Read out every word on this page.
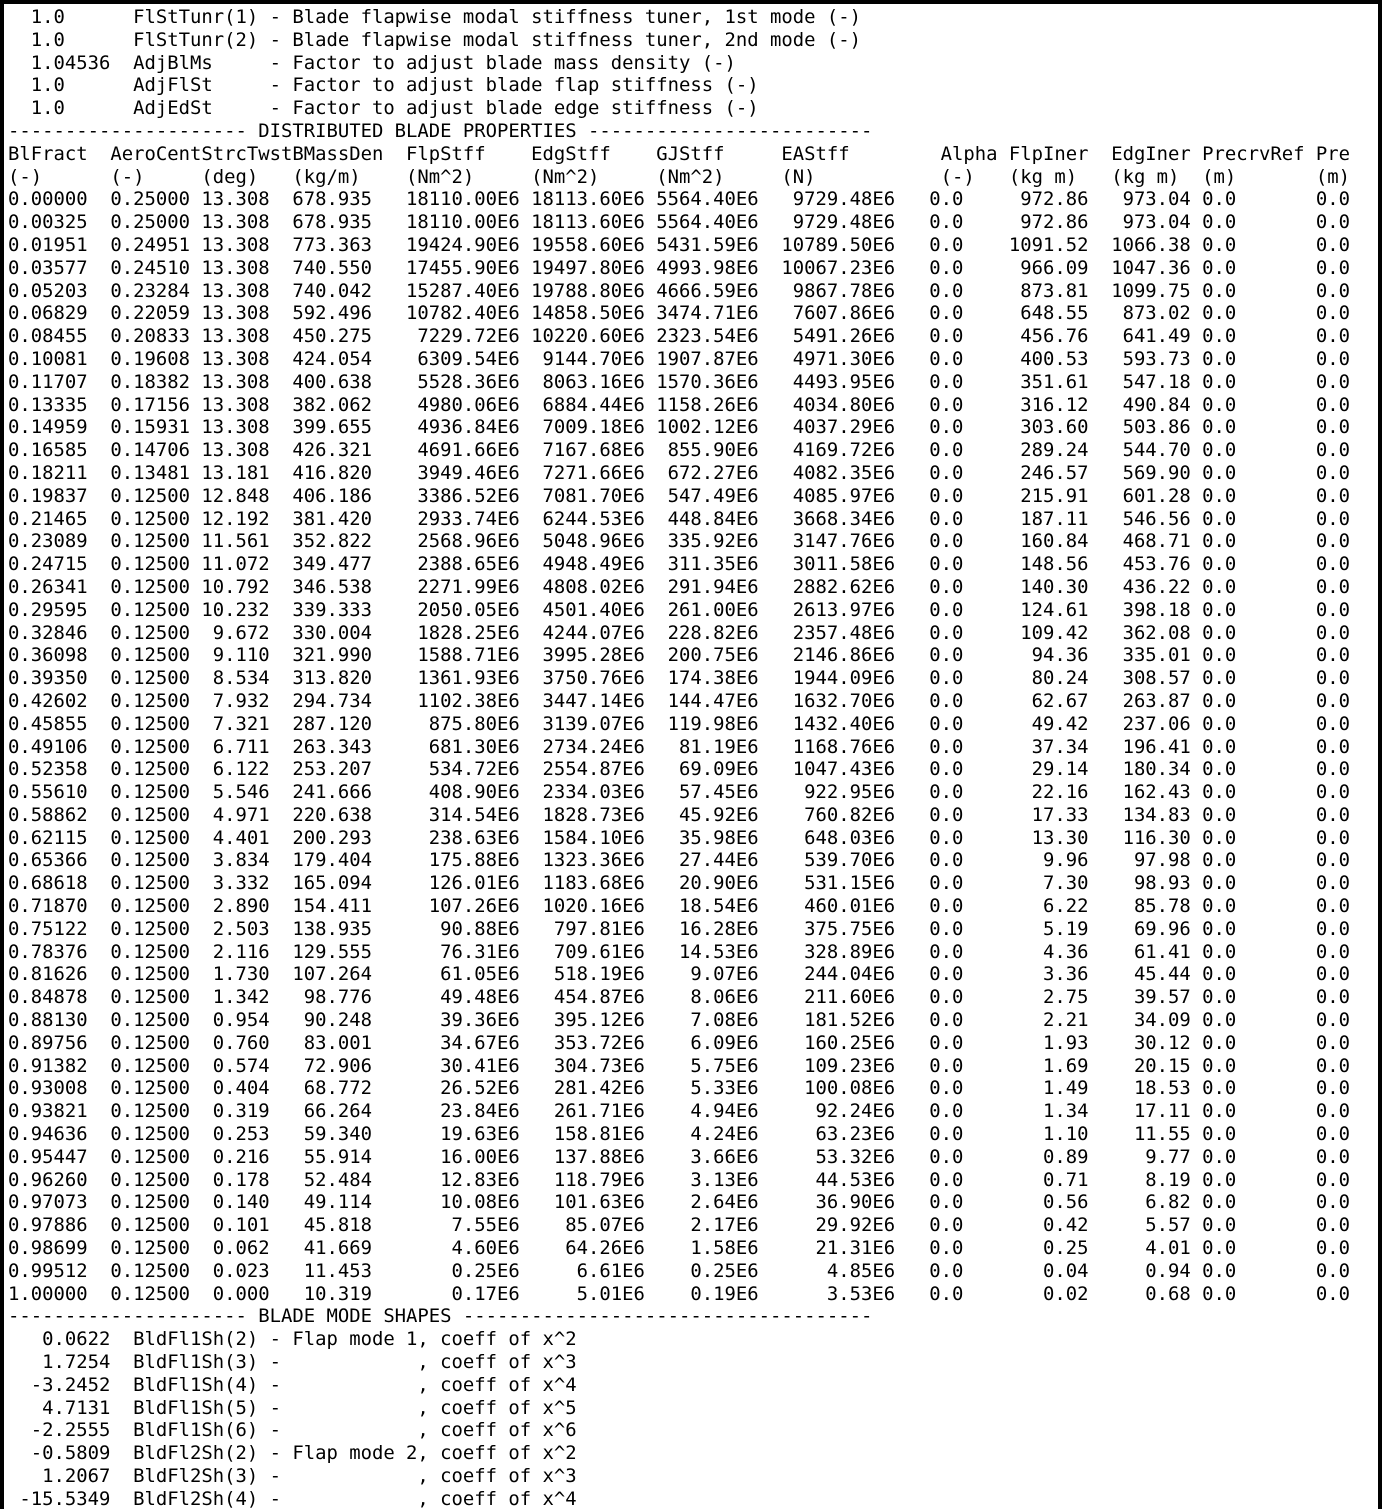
1.0      FlStTunr(1) - Blade flapwise modal stiffness tuner, 1st mode (-)
1.0      FlStTunr(2) - Blade flapwise modal stiffness tuner, 2nd mode (-)
1.04536  AdjBlMs     - Factor to adjust blade mass density (-)
1.0      AdjFlSt     - Factor to adjust blade flap stiffness (-)
1.0      AdjEdSt     - Factor to adjust blade edge stiffness (-)
--------------------- DISTRIBUTED BLADE PROPERTIES -------------------------
BlFract  AeroCentStrcTwstBMassDen  FlpStff    EdgStff    GJStff     EAStff        Alpha FlpIner  EdgIner PrecrvRef Pre
(-)      (-)     (deg)   (kg/m)    (Nm^2)     (Nm^2)     (Nm^2)     (N)           (-)   (kg m)   (kg m)  (m)       (m)
0.00000  0.25000 13.308  678.935   18110.00E6 18113.60E6 5564.40E6   9729.48E6   0.0     972.86   973.04 0.0       0.0
0.00325  0.25000 13.308  678.935   18110.00E6 18113.60E6 5564.40E6   9729.48E6   0.0     972.86   973.04 0.0       0.0
0.01951  0.24951 13.308  773.363   19424.90E6 19558.60E6 5431.59E6  10789.50E6   0.0    1091.52  1066.38 0.0       0.0
0.03577  0.24510 13.308  740.550   17455.90E6 19497.80E6 4993.98E6  10067.23E6   0.0     966.09  1047.36 0.0       0.0
0.05203  0.23284 13.308  740.042   15287.40E6 19788.80E6 4666.59E6   9867.78E6   0.0     873.81  1099.75 0.0       0.0
0.06829  0.22059 13.308  592.496   10782.40E6 14858.50E6 3474.71E6   7607.86E6   0.0     648.55   873.02 0.0       0.0
0.08455  0.20833 13.308  450.275    7229.72E6 10220.60E6 2323.54E6   5491.26E6   0.0     456.76   641.49 0.0       0.0
0.10081  0.19608 13.308  424.054    6309.54E6  9144.70E6 1907.87E6   4971.30E6   0.0     400.53   593.73 0.0       0.0
0.11707  0.18382 13.308  400.638    5528.36E6  8063.16E6 1570.36E6   4493.95E6   0.0     351.61   547.18 0.0       0.0
0.13335  0.17156 13.308  382.062    4980.06E6  6884.44E6 1158.26E6   4034.80E6   0.0     316.12   490.84 0.0       0.0
0.14959  0.15931 13.308  399.655    4936.84E6  7009.18E6 1002.12E6   4037.29E6   0.0     303.60   503.86 0.0       0.0
0.16585  0.14706 13.308  426.321    4691.66E6  7167.68E6  855.90E6   4169.72E6   0.0     289.24   544.70 0.0       0.0
0.18211  0.13481 13.181  416.820    3949.46E6  7271.66E6  672.27E6   4082.35E6   0.0     246.57   569.90 0.0       0.0
0.19837  0.12500 12.848  406.186    3386.52E6  7081.70E6  547.49E6   4085.97E6   0.0     215.91   601.28 0.0       0.0
0.21465  0.12500 12.192  381.420    2933.74E6  6244.53E6  448.84E6   3668.34E6   0.0     187.11   546.56 0.0       0.0
0.23089  0.12500 11.561  352.822    2568.96E6  5048.96E6  335.92E6   3147.76E6   0.0     160.84   468.71 0.0       0.0
0.24715  0.12500 11.072  349.477    2388.65E6  4948.49E6  311.35E6   3011.58E6   0.0     148.56   453.76 0.0       0.0
0.26341  0.12500 10.792  346.538    2271.99E6  4808.02E6  291.94E6   2882.62E6   0.0     140.30   436.22 0.0       0.0
0.29595  0.12500 10.232  339.333    2050.05E6  4501.40E6  261.00E6   2613.97E6   0.0     124.61   398.18 0.0       0.0
0.32846  0.12500  9.672  330.004    1828.25E6  4244.07E6  228.82E6   2357.48E6   0.0     109.42   362.08 0.0       0.0
0.36098  0.12500  9.110  321.990    1588.71E6  3995.28E6  200.75E6   2146.86E6   0.0      94.36   335.01 0.0       0.0
0.39350  0.12500  8.534  313.820    1361.93E6  3750.76E6  174.38E6   1944.09E6   0.0      80.24   308.57 0.0       0.0
0.42602  0.12500  7.932  294.734    1102.38E6  3447.14E6  144.47E6   1632.70E6   0.0      62.67   263.87 0.0       0.0
0.45855  0.12500  7.321  287.120     875.80E6  3139.07E6  119.98E6   1432.40E6   0.0      49.42   237.06 0.0       0.0
0.49106  0.12500  6.711  263.343     681.30E6  2734.24E6   81.19E6   1168.76E6   0.0      37.34   196.41 0.0       0.0
0.52358  0.12500  6.122  253.207     534.72E6  2554.87E6   69.09E6   1047.43E6   0.0      29.14   180.34 0.0       0.0
0.55610  0.12500  5.546  241.666     408.90E6  2334.03E6   57.45E6    922.95E6   0.0      22.16   162.43 0.0       0.0
0.58862  0.12500  4.971  220.638     314.54E6  1828.73E6   45.92E6    760.82E6   0.0      17.33   134.83 0.0       0.0
0.62115  0.12500  4.401  200.293     238.63E6  1584.10E6   35.98E6    648.03E6   0.0      13.30   116.30 0.0       0.0
0.65366  0.12500  3.834  179.404     175.88E6  1323.36E6   27.44E6    539.70E6   0.0       9.96    97.98 0.0       0.0
0.68618  0.12500  3.332  165.094     126.01E6  1183.68E6   20.90E6    531.15E6   0.0       7.30    98.93 0.0       0.0
0.71870  0.12500  2.890  154.411     107.26E6  1020.16E6   18.54E6    460.01E6   0.0       6.22    85.78 0.0       0.0
0.75122  0.12500  2.503  138.935      90.88E6   797.81E6   16.28E6    375.75E6   0.0       5.19    69.96 0.0       0.0
0.78376  0.12500  2.116  129.555      76.31E6   709.61E6   14.53E6    328.89E6   0.0       4.36    61.41 0.0       0.0
0.81626  0.12500  1.730  107.264      61.05E6   518.19E6    9.07E6    244.04E6   0.0       3.36    45.44 0.0       0.0
0.84878  0.12500  1.342   98.776      49.48E6   454.87E6    8.06E6    211.60E6   0.0       2.75    39.57 0.0       0.0
0.88130  0.12500  0.954   90.248      39.36E6   395.12E6    7.08E6    181.52E6   0.0       2.21    34.09 0.0       0.0
0.89756  0.12500  0.760   83.001      34.67E6   353.72E6    6.09E6    160.25E6   0.0       1.93    30.12 0.0       0.0
0.91382  0.12500  0.574   72.906      30.41E6   304.73E6    5.75E6    109.23E6   0.0       1.69    20.15 0.0       0.0
0.93008  0.12500  0.404   68.772      26.52E6   281.42E6    5.33E6    100.08E6   0.0       1.49    18.53 0.0       0.0
0.93821  0.12500  0.319   66.264      23.84E6   261.71E6    4.94E6     92.24E6   0.0       1.34    17.11 0.0       0.0
0.94636  0.12500  0.253   59.340      19.63E6   158.81E6    4.24E6     63.23E6   0.0       1.10    11.55 0.0       0.0
0.95447  0.12500  0.216   55.914      16.00E6   137.88E6    3.66E6     53.32E6   0.0       0.89     9.77 0.0       0.0
0.96260  0.12500  0.178   52.484      12.83E6   118.79E6    3.13E6     44.53E6   0.0       0.71     8.19 0.0       0.0
0.97073  0.12500  0.140   49.114      10.08E6   101.63E6    2.64E6     36.90E6   0.0       0.56     6.82 0.0       0.0
0.97886  0.12500  0.101   45.818       7.55E6    85.07E6    2.17E6     29.92E6   0.0       0.42     5.57 0.0       0.0
0.98699  0.12500  0.062   41.669       4.60E6    64.26E6    1.58E6     21.31E6   0.0       0.25     4.01 0.0       0.0
0.99512  0.12500  0.023   11.453       0.25E6     6.61E6    0.25E6      4.85E6   0.0       0.04     0.94 0.0       0.0
1.00000  0.12500  0.000   10.319       0.17E6     5.01E6    0.19E6      3.53E6   0.0       0.02     0.68 0.0       0.0
--------------------- BLADE MODE SHAPES ------------------------------------
0.0622  BldFl1Sh(2) - Flap mode 1, coeff of x^2
1.7254  BldFl1Sh(3) -            , coeff of x^3
-3.2452  BldFl1Sh(4) -            , coeff of x^4
4.7131  BldFl1Sh(5) -            , coeff of x^5
-2.2555  BldFl1Sh(6) -            , coeff of x^6
-0.5809  BldFl2Sh(2) - Flap mode 2, coeff of x^2
1.2067  BldFl2Sh(3) -            , coeff of x^3
-15.5349  BldFl2Sh(4) -            , coeff of x^4
